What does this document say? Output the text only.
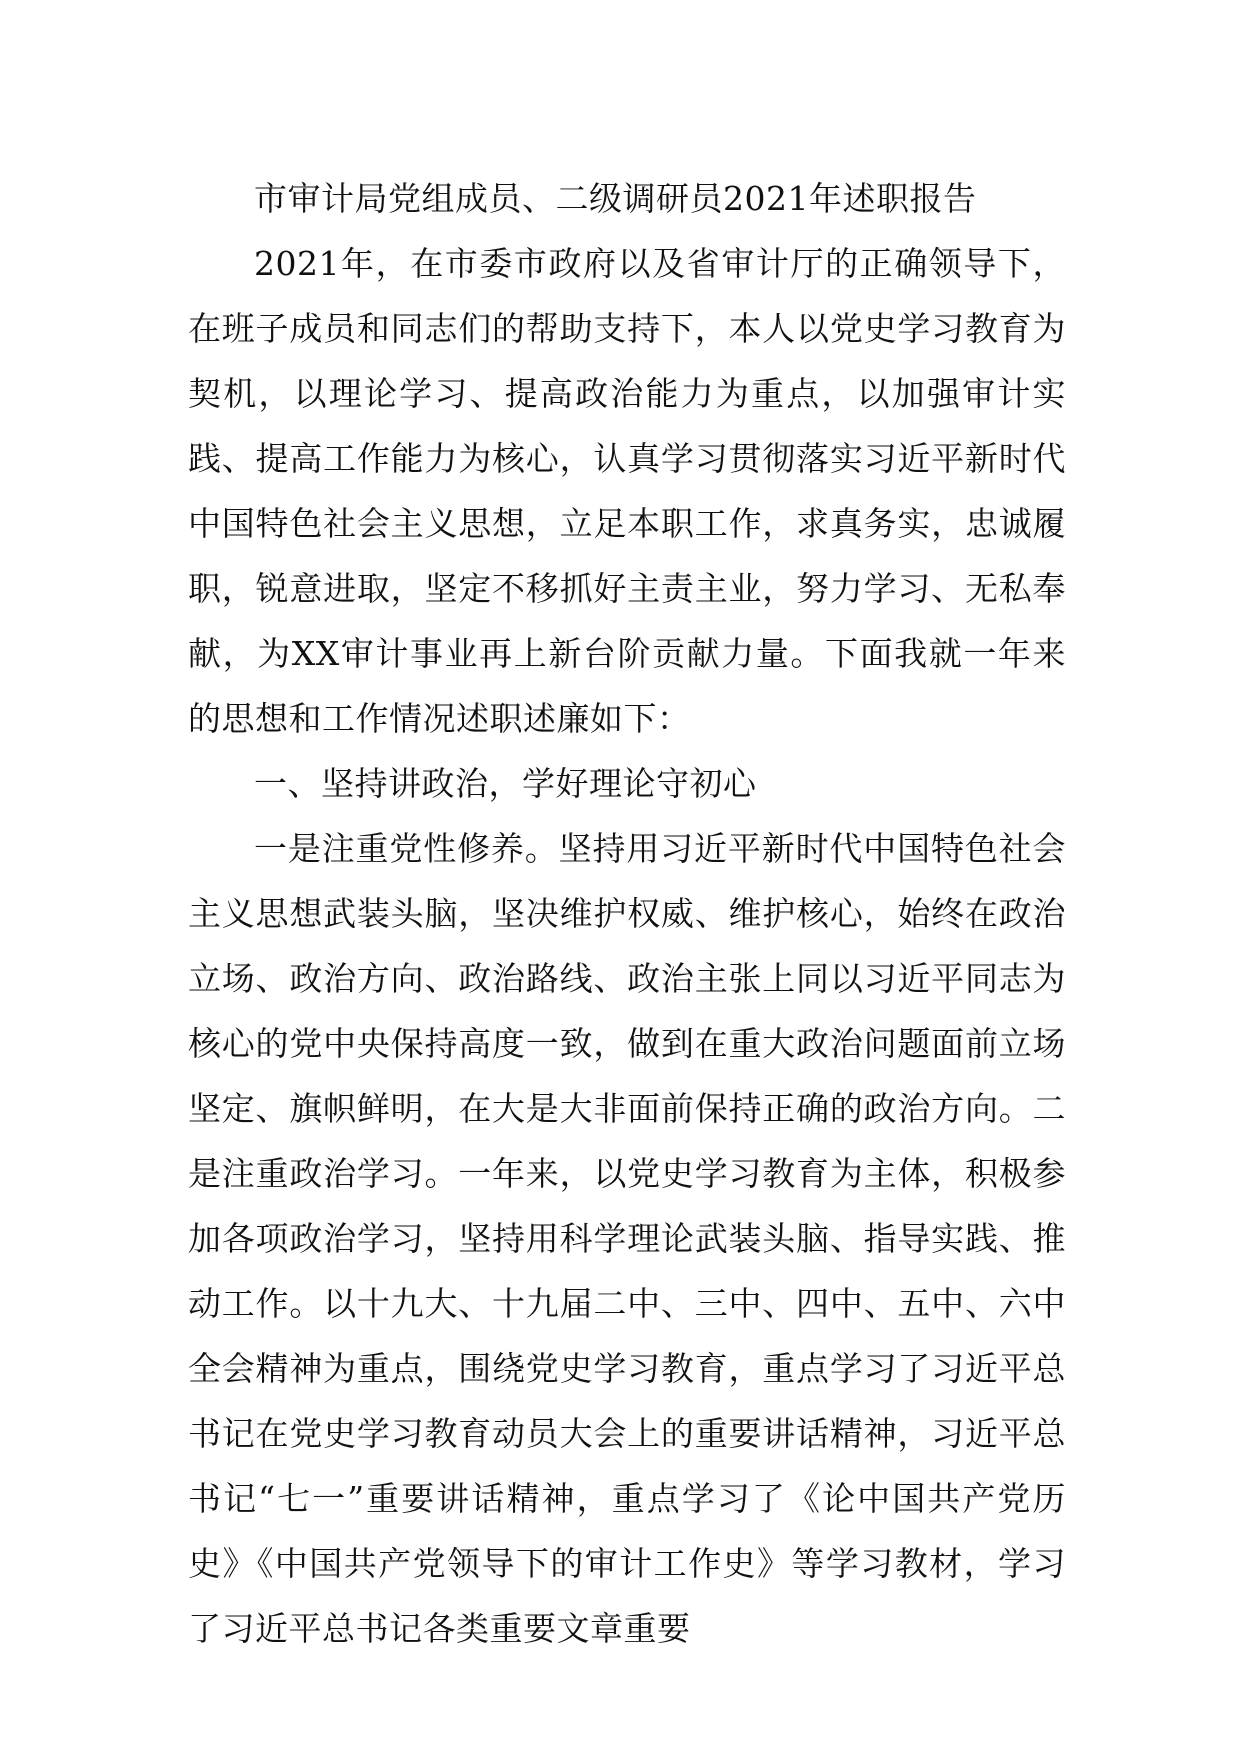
市审计局党组成员、二级调研员2021年述职报告

2021年，在市委市政府以及省审计厅的正确领导下，在班子成员和同志们的帮助支持下，本人以党史学习教育为契机，以理论学习、提高政治能力为重点，以加强审计实践、提高工作能力为核心，认真学习贯彻落实习近平新时代中国特色社会主义思想，立足本职工作，求真务实，忠诚履职，锐意进取，坚定不移抓好主责主业，努力学习、无私奉献，为XX审计事业再上新台阶贡献力量。下面我就一年来的思想和工作情况述职述廉如下：

一、坚持讲政治，学好理论守初心

一是注重党性修养。坚持用习近平新时代中国特色社会主义思想武装头脑，坚决维护权威、维护核心，始终在政治立场、政治方向、政治路线、政治主张上同以习近平同志为核心的党中央保持高度一致，做到在重大政治问题面前立场坚定、旗帜鲜明，在大是大非面前保持正确的政治方向。二是注重政治学习。一年来，以党史学习教育为主体，积极参加各项政治学习，坚持用科学理论武装头脑、指导实践、推动工作。以十九大、十九届二中、三中、四中、五中、六中全会精神为重点，围绕党史学习教育，重点学习了习近平总书记在党史学习教育动员大会上的重要讲话精神，习近平总书记“七一”重要讲话精神，重点学习了《论中国共产党历史》《中国共产党领导下的审计工作史》等学习教材，学习了习近平总书记各类重要文章重要
